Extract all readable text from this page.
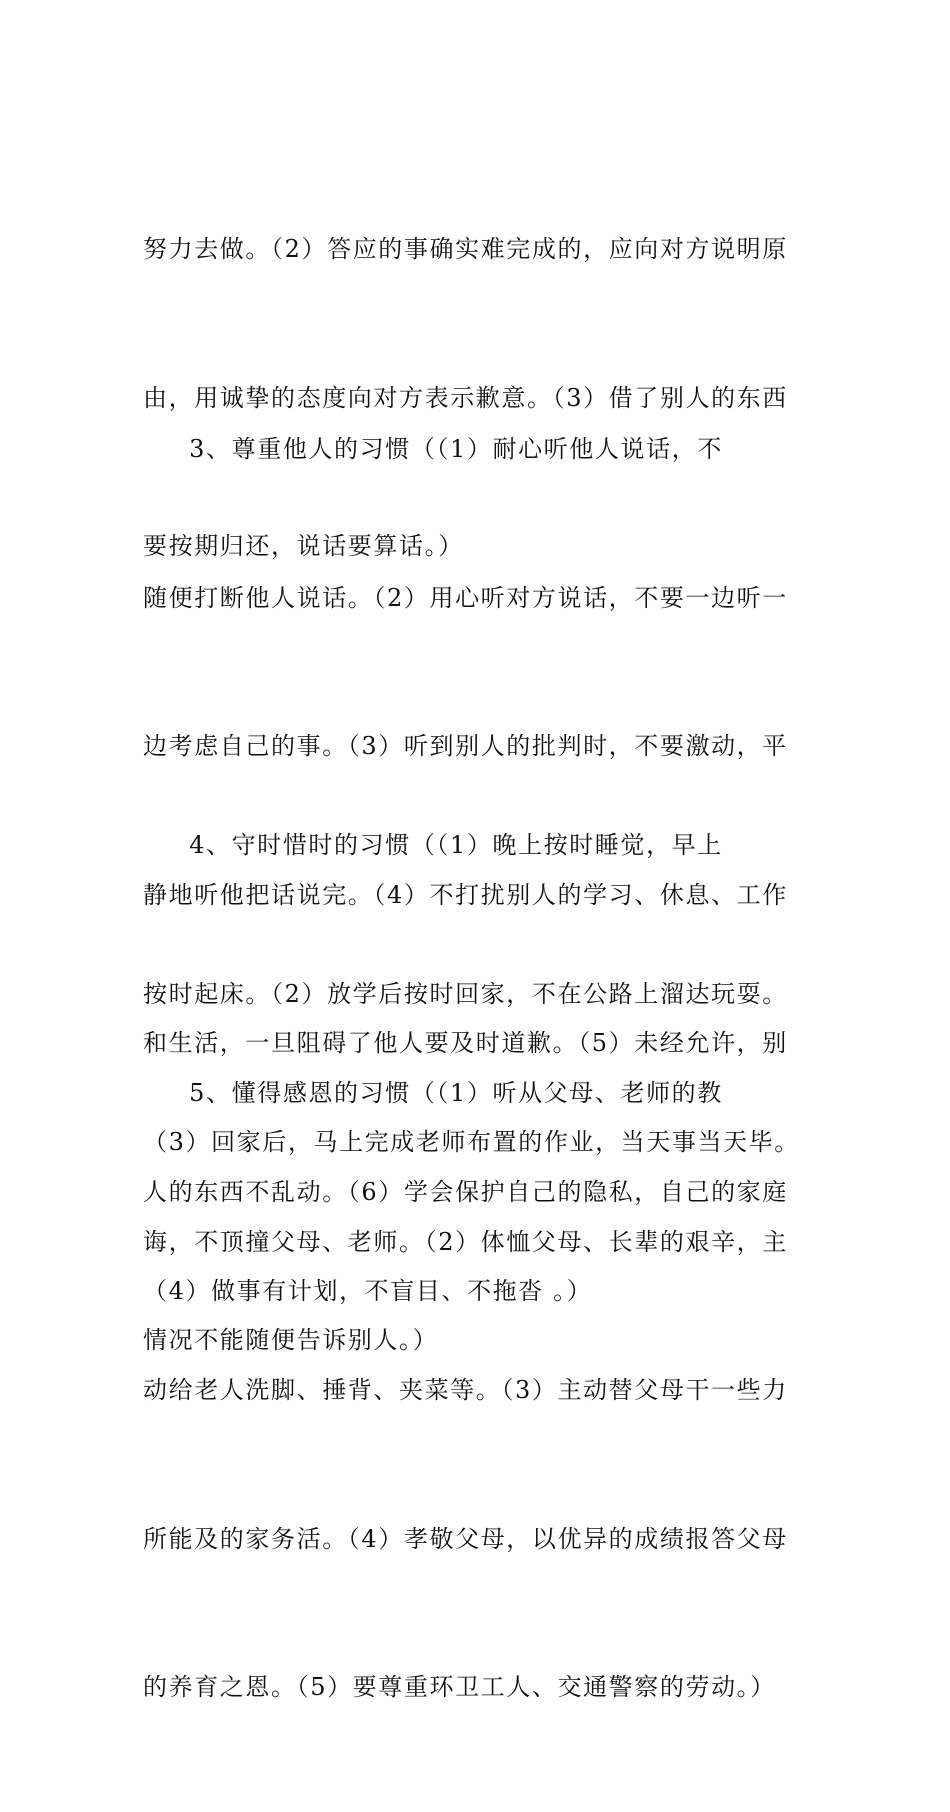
努力去做。（2）答应的事确实难完成的，应向对方说明原

由，用诚挚的态度向对方表示歉意。（3）借了别人的东西

要按期归还，说话要算话。）

3、尊重他人的习惯（（1）耐心听他人说话，不

随便打断他人说话。（2）用心听对方说话，不要一边听一

边考虑自己的事。（3）听到别人的批判时，不要激动，平

静地听他把话说完。（4）不打扰别人的学习、休息、工作

和生活，一旦阻碍了他人要及时道歉。（5）未经允许，别

人的东西不乱动。（6）学会保护自己的隐私，自己的家庭

情况不能随便告诉别人。）

4、守时惜时的习惯（（1）晚上按时睡觉，早上

按时起床。（2）放学后按时回家，不在公路上溜达玩耍。

（3）回家后，马上完成老师布置的作业，当天事当天毕。

（4）做事有计划，不盲目、不拖沓 。）

5、懂得感恩的习惯（（1）听从父母、老师的教

诲，不顶撞父母、老师。（2）体恤父母、长辈的艰辛，主

动给老人洗脚、捶背、夹菜等。（3）主动替父母干一些力

所能及的家务活。（4）孝敬父母，以优异的成绩报答父母

的养育之恩。（5）要尊重环卫工人、交通警察的劳动。）
